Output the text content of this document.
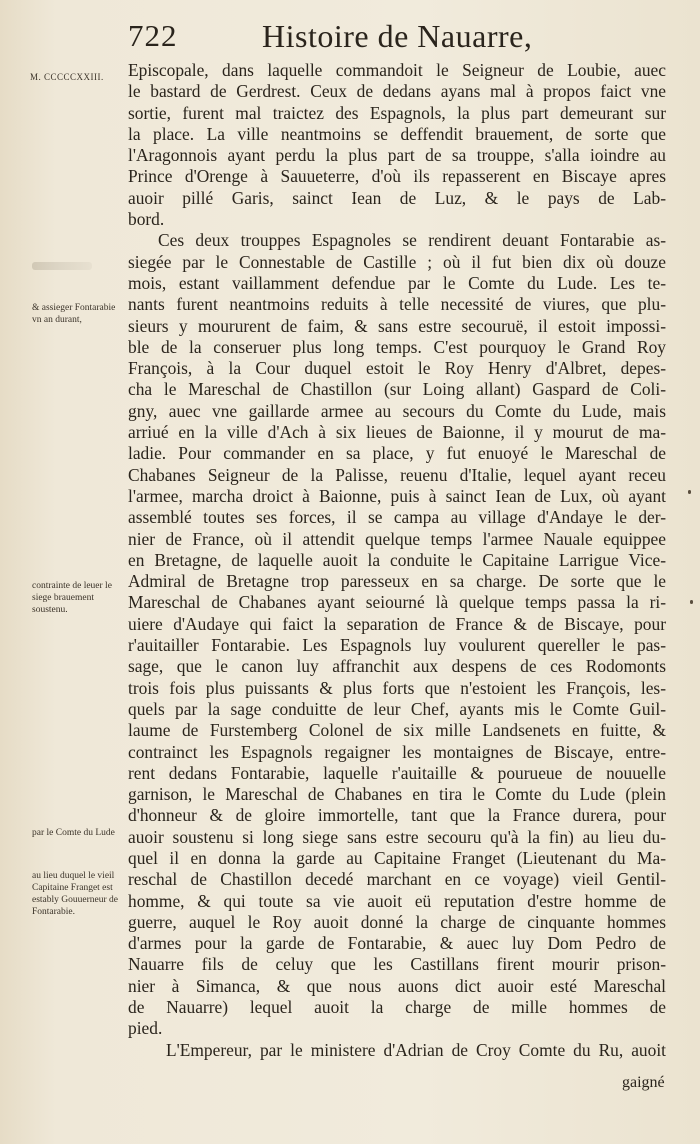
722	Histoire de Nauarre,
M. CCCCCXXIII.
& assieger Fontarabie vn an durant,
contrainte de leuer le siege brauement soustenu.
par le Comte du Lude
au lieu duquel le vieil Capitaine Franget est estably Gouuerneur de Fontarabie.
Episcopale, dans laquelle commandoit le Seigneur de Loubie, auec
le bastard de Gerdrest. Ceux de dedans ayans mal à propos faict vne
sortie, furent mal traictez des Espagnols, la plus part demeurant sur
la place. La ville neantmoins se deffendit brauement, de sorte que
l'Aragonnois ayant perdu la plus part de sa trouppe, s'alla ioindre au
Prince d'Orenge à Sauueterre, d'où ils repasserent en Biscaye apres
auoir pillé Garis, sainct Iean de Luz, & le pays de Lab-
bord.
Ces deux trouppes Espagnoles se rendirent deuant Fontarabie as-
siegée par le Connestable de Castille ; où il fut bien dix où douze
mois, estant vaillamment defendue par le Comte du Lude. Les te-
nants furent neantmoins reduits à telle necessité de viures, que plu-
sieurs y moururent de faim, & sans estre secouruë, il estoit impossi-
ble de la conseruer plus long temps. C'est pourquoy le Grand Roy
François, à la Cour duquel estoit le Roy Henry d'Albret, depes-
cha le Mareschal de Chastillon (sur Loing allant) Gaspard de Coli-
gny, auec vne gaillarde armee au secours du Comte du Lude, mais
arriué en la ville d'Ach à six lieues de Baionne, il y mourut de ma-
ladie. Pour commander en sa place, y fut enuoyé le Mareschal de
Chabanes Seigneur de la Palisse, reuenu d'Italie, lequel ayant receu
l'armee, marcha droict à Baionne, puis à sainct Iean de Lux, où ayant
assemblé toutes ses forces, il se campa au village d'Andaye le der-
nier de France, où il attendit quelque temps l'armee Nauale equippee
en Bretagne, de laquelle auoit la conduite le Capitaine Larrigue Vice-
Admiral de Bretagne trop paresseux en sa charge. De sorte que le
Mareschal de Chabanes ayant seiourné là quelque temps passa la ri-
uiere d'Audaye qui faict la separation de France & de Biscaye, pour
r'auitailler Fontarabie. Les Espagnols luy voulurent quereller le pas-
sage, que le canon luy affranchit aux despens de ces Rodomonts
trois fois plus puissants & plus forts que n'estoient les François, les-
quels par la sage conduitte de leur Chef, ayants mis le Comte Guil-
laume de Furstemberg Colonel de six mille Landsenets en fuitte, &
contrainct les Espagnols regaigner les montaignes de Biscaye, entre-
rent dedans Fontarabie, laquelle r'auitaille & pourueue de nouuelle
garnison, le Mareschal de Chabanes en tira le Comte du Lude (plein
d'honneur & de gloire immortelle, tant que la France durera, pour
auoir soustenu si long siege sans estre secouru qu'à la fin) au lieu du-
quel il en donna la garde au Capitaine Franget (Lieutenant du Ma-
reschal de Chastillon decedé marchant en ce voyage) vieil Gentil-
homme, & qui toute sa vie auoit eü reputation d'estre homme de
guerre, auquel le Roy auoit donné la charge de cinquante hommes
d'armes pour la garde de Fontarabie, & auec luy Dom Pedro de
Nauarre fils de celuy que les Castillans firent mourir prison-
nier à Simanca, & que nous auons dict auoir esté Mareschal
de Nauarre) lequel auoit la charge de mille hommes de
pied.
L'Empereur, par le ministere d'Adrian de Croy Comte du Ru, auoit
gaigné
